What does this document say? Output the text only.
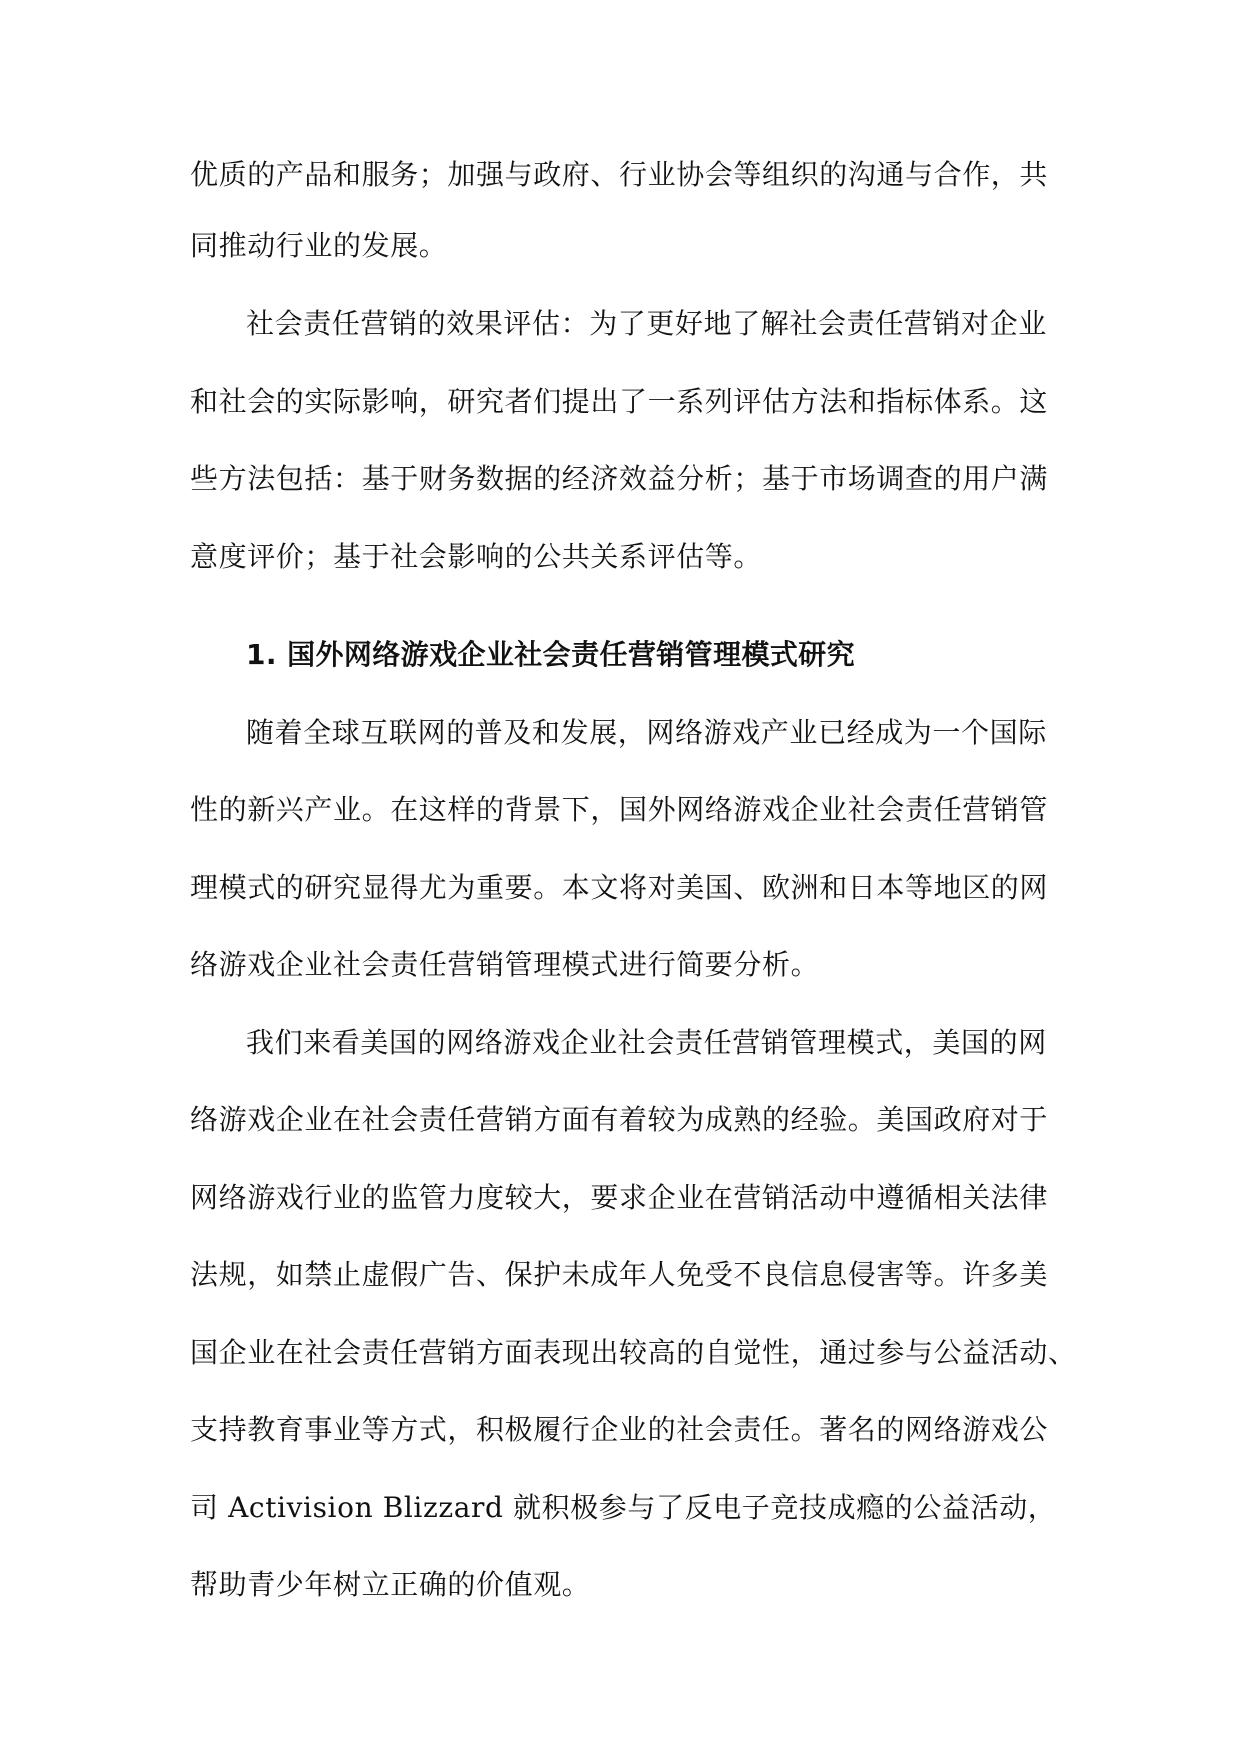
优质的产品和服务；加强与政府、行业协会等组织的沟通与合作，共
同推动行业的发展。
社会责任营销的效果评估：为了更好地了解社会责任营销对企业
和社会的实际影响，研究者们提出了一系列评估方法和指标体系。这
些方法包括：基于财务数据的经济效益分析；基于市场调查的用户满
意度评价；基于社会影响的公共关系评估等。
1. 国外网络游戏企业社会责任营销管理模式研究
随着全球互联网的普及和发展，网络游戏产业已经成为一个国际
性的新兴产业。在这样的背景下，国外网络游戏企业社会责任营销管
理模式的研究显得尤为重要。本文将对美国、欧洲和日本等地区的网
络游戏企业社会责任营销管理模式进行简要分析。
我们来看美国的网络游戏企业社会责任营销管理模式，美国的网
络游戏企业在社会责任营销方面有着较为成熟的经验。美国政府对于
网络游戏行业的监管力度较大，要求企业在营销活动中遵循相关法律
法规，如禁止虚假广告、保护未成年人免受不良信息侵害等。许多美
国企业在社会责任营销方面表现出较高的自觉性，通过参与公益活动、
支持教育事业等方式，积极履行企业的社会责任。著名的网络游戏公
司 Activision Blizzard 就积极参与了反电子竞技成瘾的公益活动，
帮助青少年树立正确的价值观。
